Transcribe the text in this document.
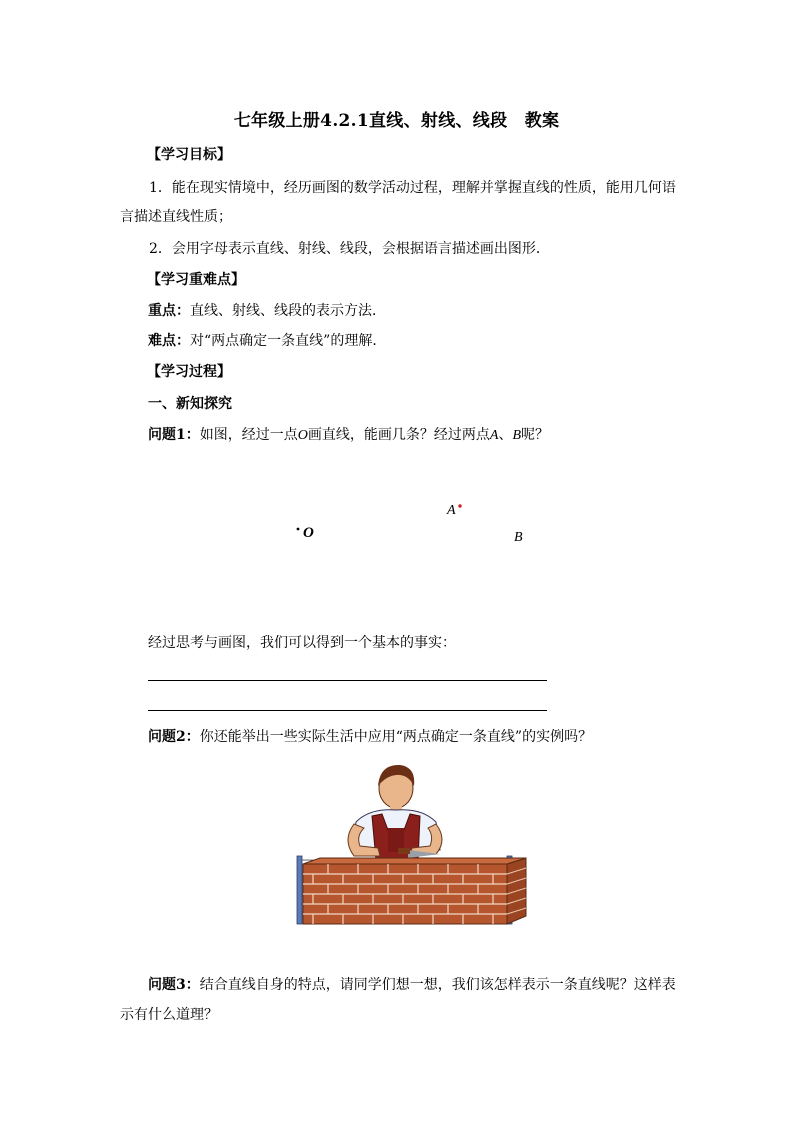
七年级上册4.2.1直线、射线、线段　教案
【学习目标】
1．能在现实情境中，经历画图的数学活动过程，理解并掌握直线的性质，能用几何语
言描述直线性质；
2．会用字母表示直线、射线、线段，会根据语言描述画出图形．
【学习重难点】
重点：直线、射线、线段的表示方法．
难点：对“两点确定一条直线”的理解．
【学习过程】
一、新知探究
问题1：如图，经过一点O画直线，能画几条？经过两点A、B呢？
O
A
B
经过思考与画图，我们可以得到一个基本的事实：
问题2：你还能举出一些实际生活中应用“两点确定一条直线”的实例吗？
问题3：结合直线自身的特点，请同学们想一想，我们该怎样表示一条直线呢？这样表
示有什么道理？
